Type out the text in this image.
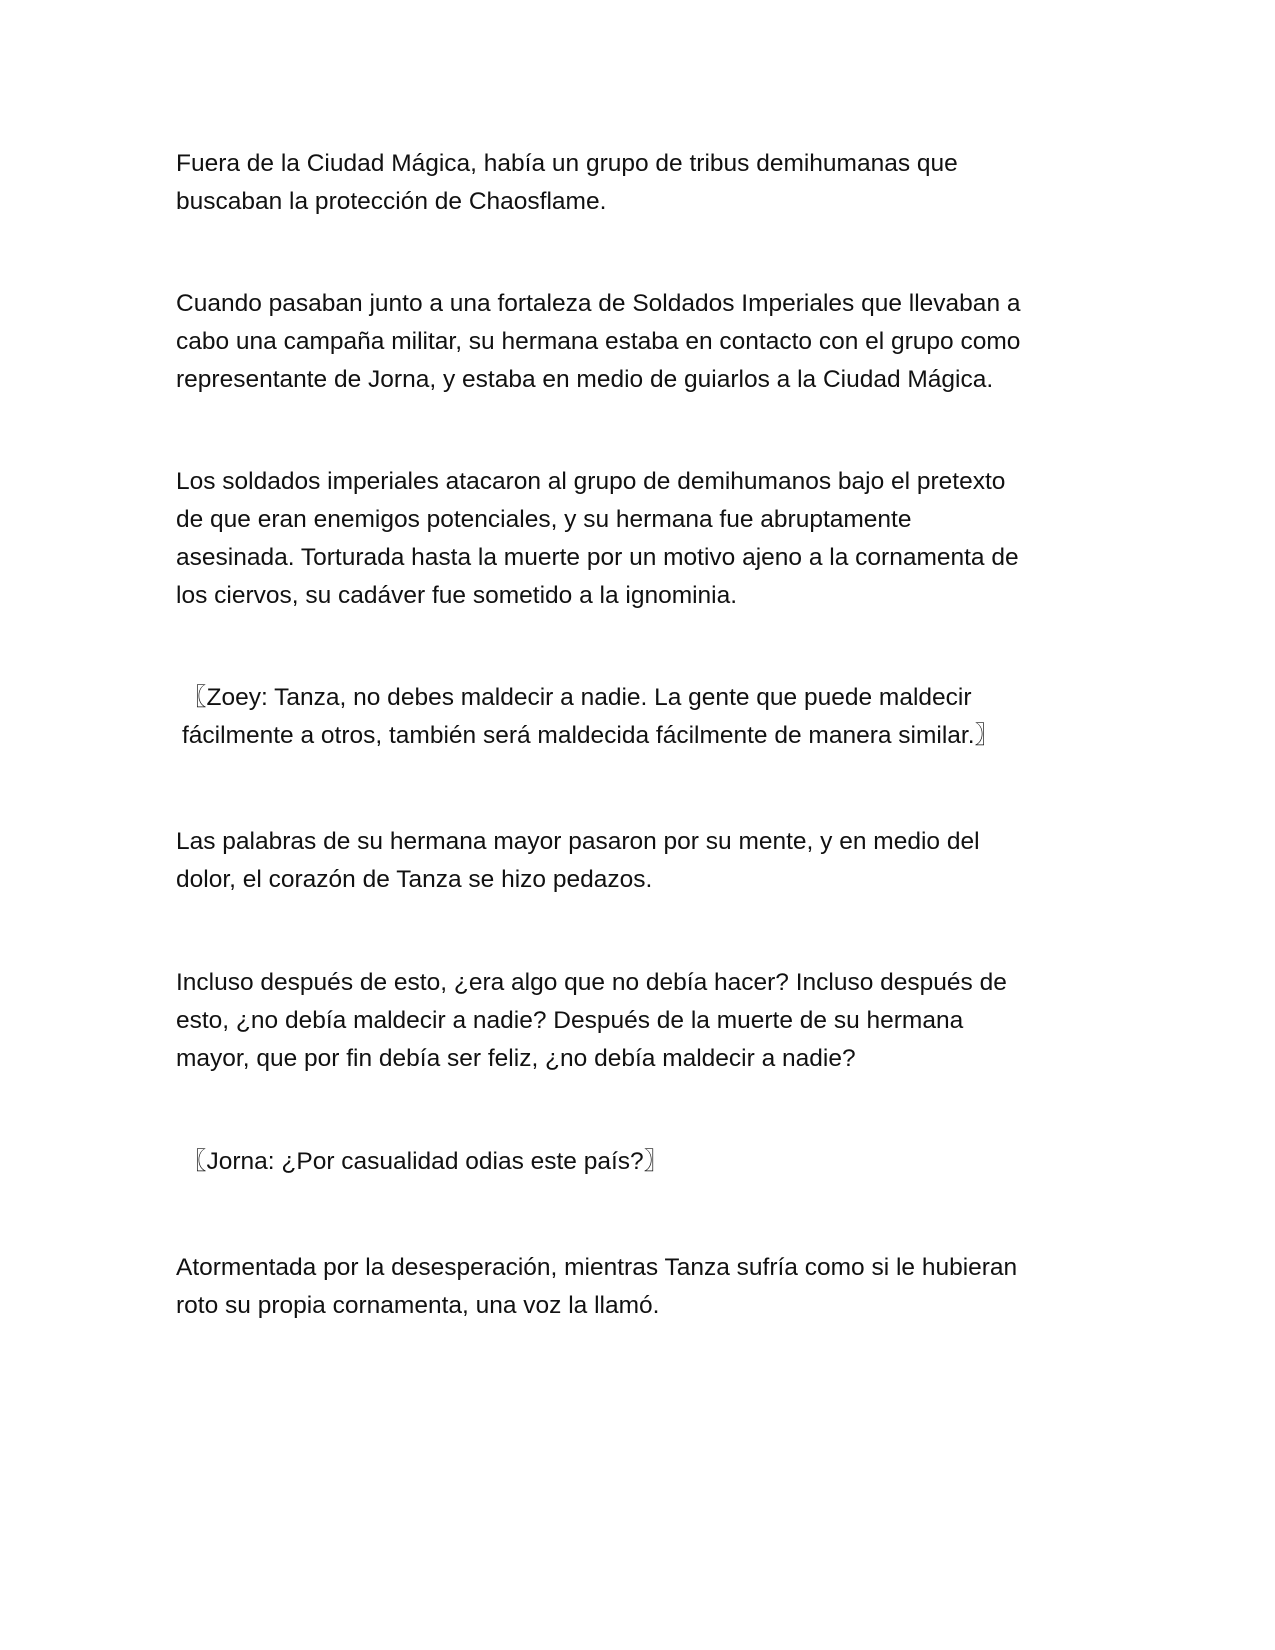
Fuera de la Ciudad Mágica, había un grupo de tribus demihumanas que
buscaban la protección de Chaosflame.

Cuando pasaban junto a una fortaleza de Soldados Imperiales que llevaban a
cabo una campaña militar, su hermana estaba en contacto con el grupo como
representante de Jorna, y estaba en medio de guiarlos a la Ciudad Mágica.

Los soldados imperiales atacaron al grupo de demihumanos bajo el pretexto
de que eran enemigos potenciales, y su hermana fue abruptamente
asesinada. Torturada hasta la muerte por un motivo ajeno a la cornamenta de
los ciervos, su cadáver fue sometido a la ignominia.

〖Zoey: Tanza, no debes maldecir a nadie. La gente que puede maldecir
fácilmente a otros, también será maldecida fácilmente de manera similar.〗

Las palabras de su hermana mayor pasaron por su mente, y en medio del
dolor, el corazón de Tanza se hizo pedazos.

Incluso después de esto, ¿era algo que no debía hacer? Incluso después de
esto, ¿no debía maldecir a nadie? Después de la muerte de su hermana
mayor, que por fin debía ser feliz, ¿no debía maldecir a nadie?

〖Jorna: ¿Por casualidad odias este país?〗

Atormentada por la desesperación, mientras Tanza sufría como si le hubieran
roto su propia cornamenta, una voz la llamó.
